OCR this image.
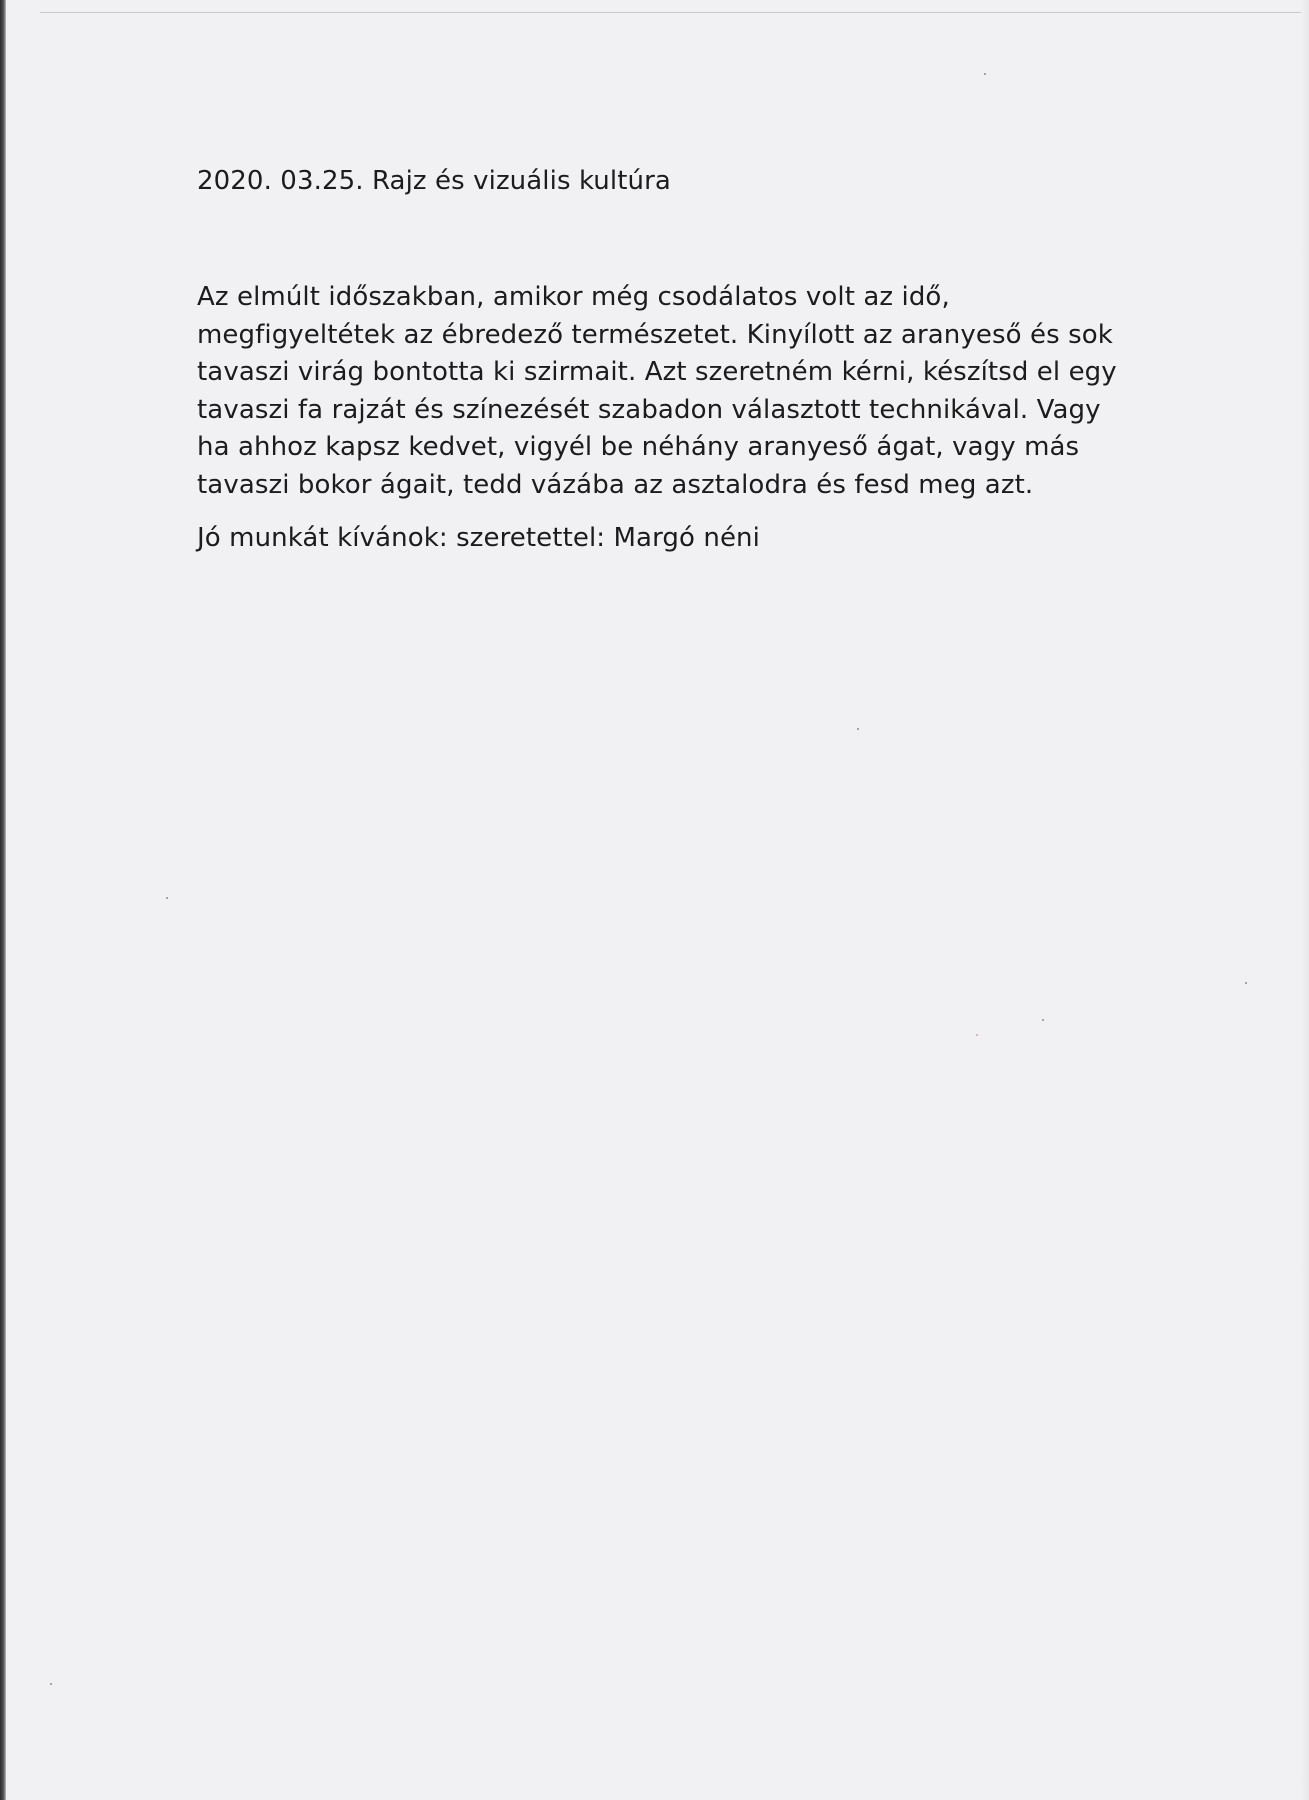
2020. 03.25. Rajz és vizuális kultúra

Az elmúlt időszakban, amikor még csodálatos volt az idő,
megfigyeltétek az ébredező természetet. Kinyílott az aranyeső és sok
tavaszi virág bontotta ki szirmait. Azt szeretném kérni, készítsd el egy
tavaszi fa rajzát és színezését szabadon választott technikával. Vagy
ha ahhoz kapsz kedvet, vigyél be néhány aranyeső ágat, vagy más
tavaszi bokor ágait, tedd vázába az asztalodra és fesd meg azt.

Jó munkát kívánok: szeretettel: Margó néni
